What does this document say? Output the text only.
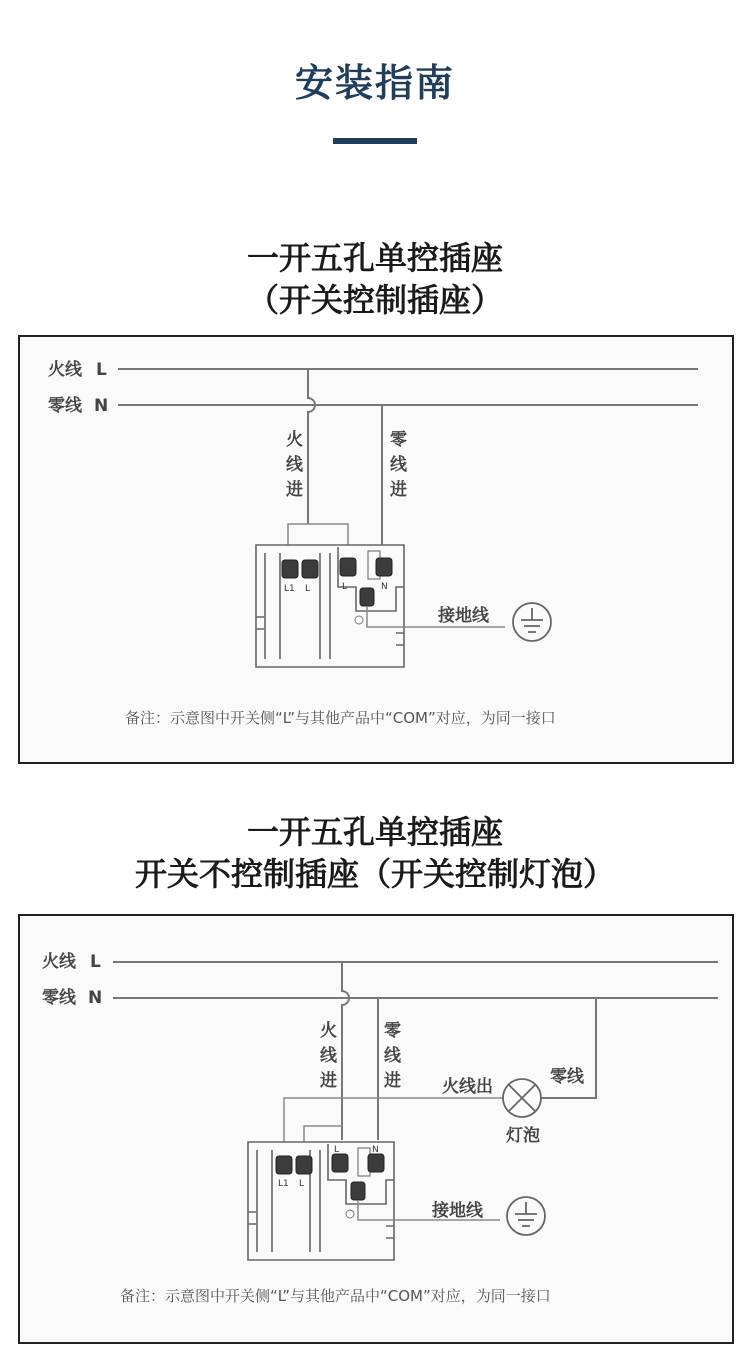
安装指南
一开五孔单控插座
（开关控制插座）
火线 L
零线 N
火
线
进
零
线
进
L1 L	L	N
接地线
备注：示意图中开关侧“L”与其他产品中“COM”对应，为同一接口
一开五孔单控插座
开关不控制插座（开关控制灯泡）
火线 L
零线 N
火
线
进
零
线
进 火线出	零线
灯泡
L1 L
L	N
接地线
备注：示意图中开关侧“L”与其他产品中“COM”对应，为同一接口
